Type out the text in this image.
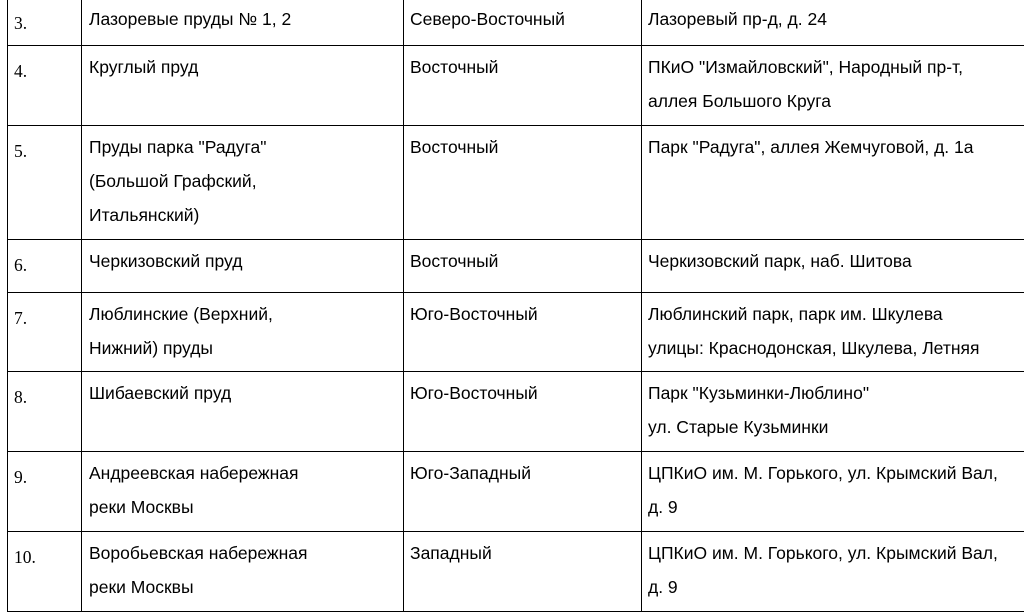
3.	Лазоревые пруды № 1, 2	Северо-Восточный	Лазоревый пр-д, д. 24

4.	Круглый пруд	Восточный	ПКиО "Измайловский", Народный пр-т,
аллея Большого Круга

5.	Пруды парка "Радуга"
(Большой Графский,
Итальянский)	Восточный	Парк "Радуга", аллея Жемчуговой, д. 1а

6.	Черкизовский пруд	Восточный	Черкизовский парк, наб. Шитова

7.	Люблинские (Верхний,
Нижний) пруды	Юго-Восточный	Люблинский парк, парк им. Шкулева
улицы: Краснодонская, Шкулева, Летняя

8.	Шибаевский пруд	Юго-Восточный	Парк "Кузьминки-Люблино"
ул. Старые Кузьминки

9.	Андреевская набережная
реки Москвы	Юго-Западный	ЦПКиО им. М. Горького, ул. Крымский Вал,
д. 9

10.	Воробьевская набережная
реки Москвы	Западный	ЦПКиО им. М. Горького, ул. Крымский Вал,
д. 9
